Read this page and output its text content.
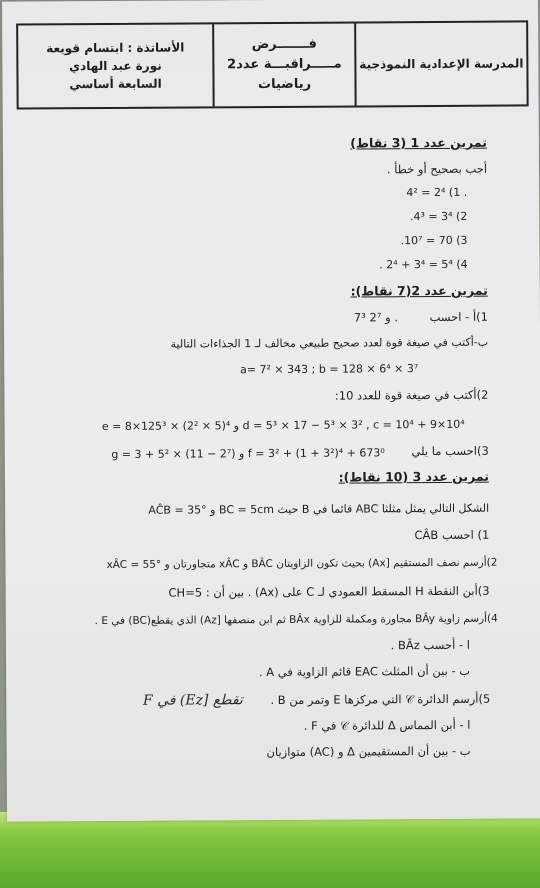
المدرسة الإعدادية النموذجية
فـــــــرض
مـــــراقبـــة عدد2
رياضيات
الأساتذة : ابتسام قويعة
نورة عبد الهادي
السابعة أساسي
تمرين عدد 1 (3 نقاط)
أجب بصحيح أو خطأ .
4² = 2⁴ (1 .
.4³ = 3⁴ (2
.10⁷ = 70 (3
. 2⁴ + 3⁴ = 5⁴ (4
تمرين عدد 2(7 نقاط):
1)أ - احسب 7³ و 2⁷ .
ب-أكتب في صيغة قوة لعدد صحيح طبيعي مخالف لـ 1 الجذاءات التالية
a= 7² × 343 ; b = 128 × 6⁴ × 3⁷
2)أكتب في صيغة قوة للعدد 10:
e = 8×125³ × (2² × 5)⁴ و d = 5³ × 17 − 5³ × 3² , c = 10⁴ + 9×10⁴
3)احسب ما يلي
g = 3 + 5² × (11 − 2⁷) و f = 3² + (1 + 3²)⁴ + 673⁰
تمرين عدد 3 (10 نقاط):
الشكل التالي يمثل مثلثا ABC قائما في B حيث BC = 5cm و AĈB = 35°
1) احسب CÂB
2)أرسم نصف المستقيم [Ax) بحيث تكون الزاويتان BÂC و xÂC متجاورتان و xÂC = 55°
3)أبن النقطة H المسقط العمودي لـ C على (Ax) . بين أن : CH=5
4)أرسم زاوية BÂy مجاورة ومكملة للزاوية BÂx ثم ابن منصفها [Az) الذي يقطع(BC) في E .
ا - أحسب BÂz .
ب - بين أن المثلث EAC قائم الزاوية في A .
5)أرسم الدائرة 𝒞 التي مركزها E وتمر من B . تقطع [Ez) في F
ا - أبن المماس Δ للدائرة 𝒞 في F .
ب - بين أن المستقيمين Δ و (AC) متوازيان
